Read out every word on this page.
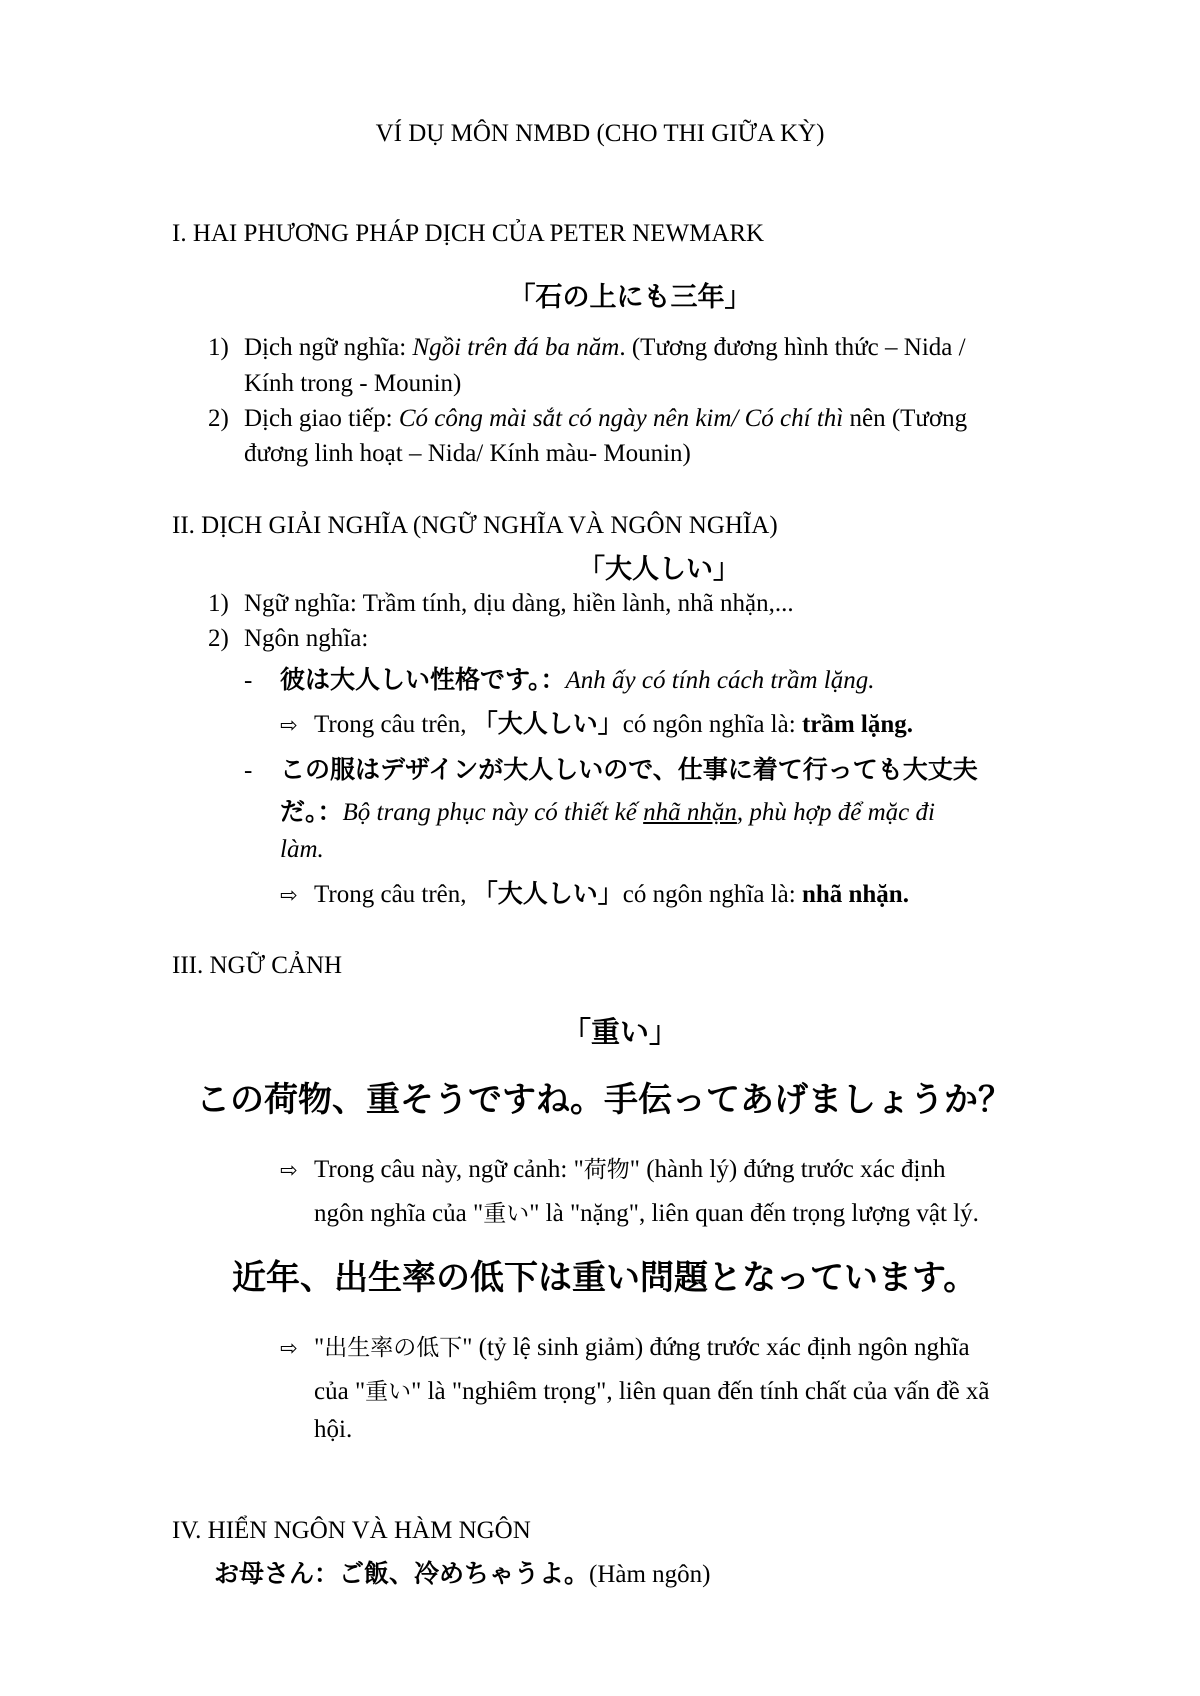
VÍ DỤ MÔN NMBD (CHO THI GIỮA KỲ)
I. HAI PHƯƠNG PHÁP DỊCH CỦA PETER NEWMARK
「石の上にも三年」
1) Dịch ngữ nghĩa: Ngồi trên đá ba năm. (Tương đương hình thức – Nida /
Kính trong - Mounin)
2) Dịch giao tiếp: Có công mài sắt có ngày nên kim/ Có chí thì nên (Tương
đương linh hoạt – Nida/ Kính màu- Mounin)
II. DỊCH GIẢI NGHĨA (NGỮ NGHĨA VÀ NGÔN NGHĨA)
「大人しい」
1) Ngữ nghĩa: Trầm tính, dịu dàng, hiền lành, nhã nhặn,...
2) Ngôn nghĩa:
- 彼は大人しい性格です。：Anh ấy có tính cách trầm lặng.
⇨ Trong câu trên, 「大人しい」có ngôn nghĩa là: trầm lặng.
- この服はデザインが大人しいので、仕事に着て行っても大丈夫
だ。：Bộ trang phục này có thiết kế nhã nhặn, phù hợp để mặc đi
làm.
⇨ Trong câu trên, 「大人しい」có ngôn nghĩa là: nhã nhặn.
III. NGỮ CẢNH
「重い」
この荷物、重そうですね。手伝ってあげましょうか？
⇨ Trong câu này, ngữ cảnh: "荷物" (hành lý) đứng trước xác định
ngôn nghĩa của "重い" là "nặng", liên quan đến trọng lượng vật lý.
近年、出生率の低下は重い問題となっています。
⇨ "出生率の低下" (tỷ lệ sinh giảm) đứng trước xác định ngôn nghĩa
của "重い" là "nghiêm trọng", liên quan đến tính chất của vấn đề xã
hội.
IV. HIỂN NGÔN VÀ HÀM NGÔN
お母さん：ご飯、冷めちゃうよ。(Hàm ngôn)
